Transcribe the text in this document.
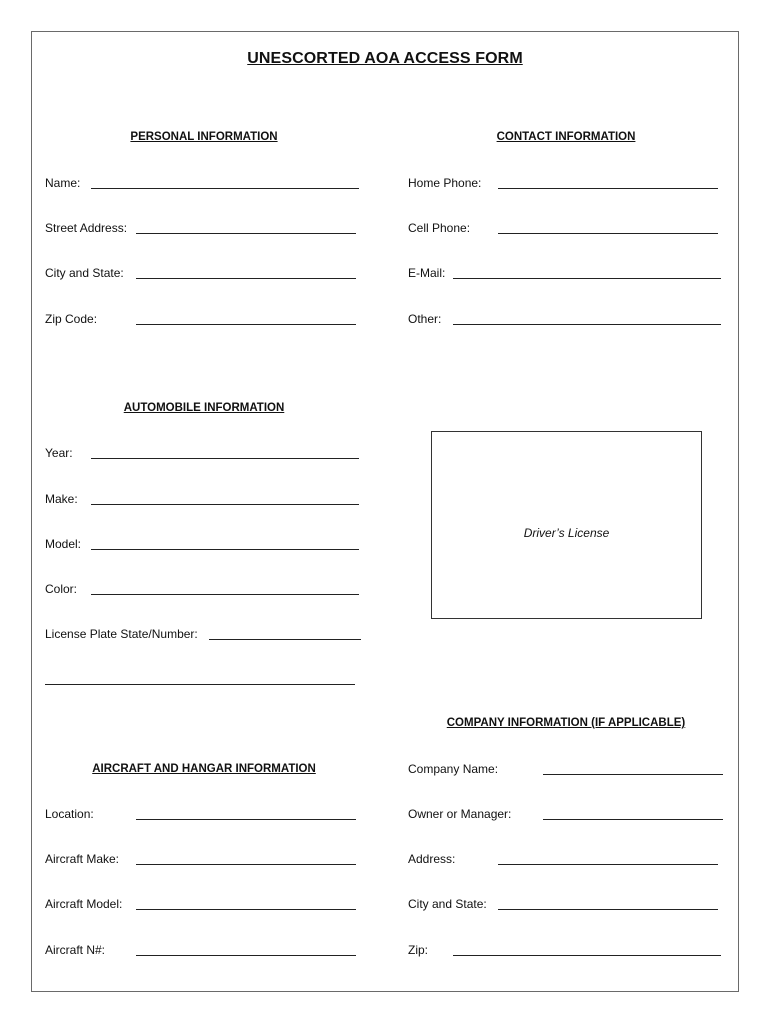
UNESCORTED AOA ACCESS FORM
PERSONAL INFORMATION
Name:
Street Address:
City and State:
Zip Code:
CONTACT INFORMATION
Home Phone:
Cell Phone:
E-Mail:
Other:
AUTOMOBILE INFORMATION
Year:
Make:
Model:
Color:
License Plate State/Number:
Driver’s License
COMPANY INFORMATION (IF APPLICABLE)
Company Name:
Owner or Manager:
Address:
City and State:
Zip:
AIRCRAFT AND HANGAR INFORMATION
Location:
Aircraft Make:
Aircraft Model:
Aircraft N#:
